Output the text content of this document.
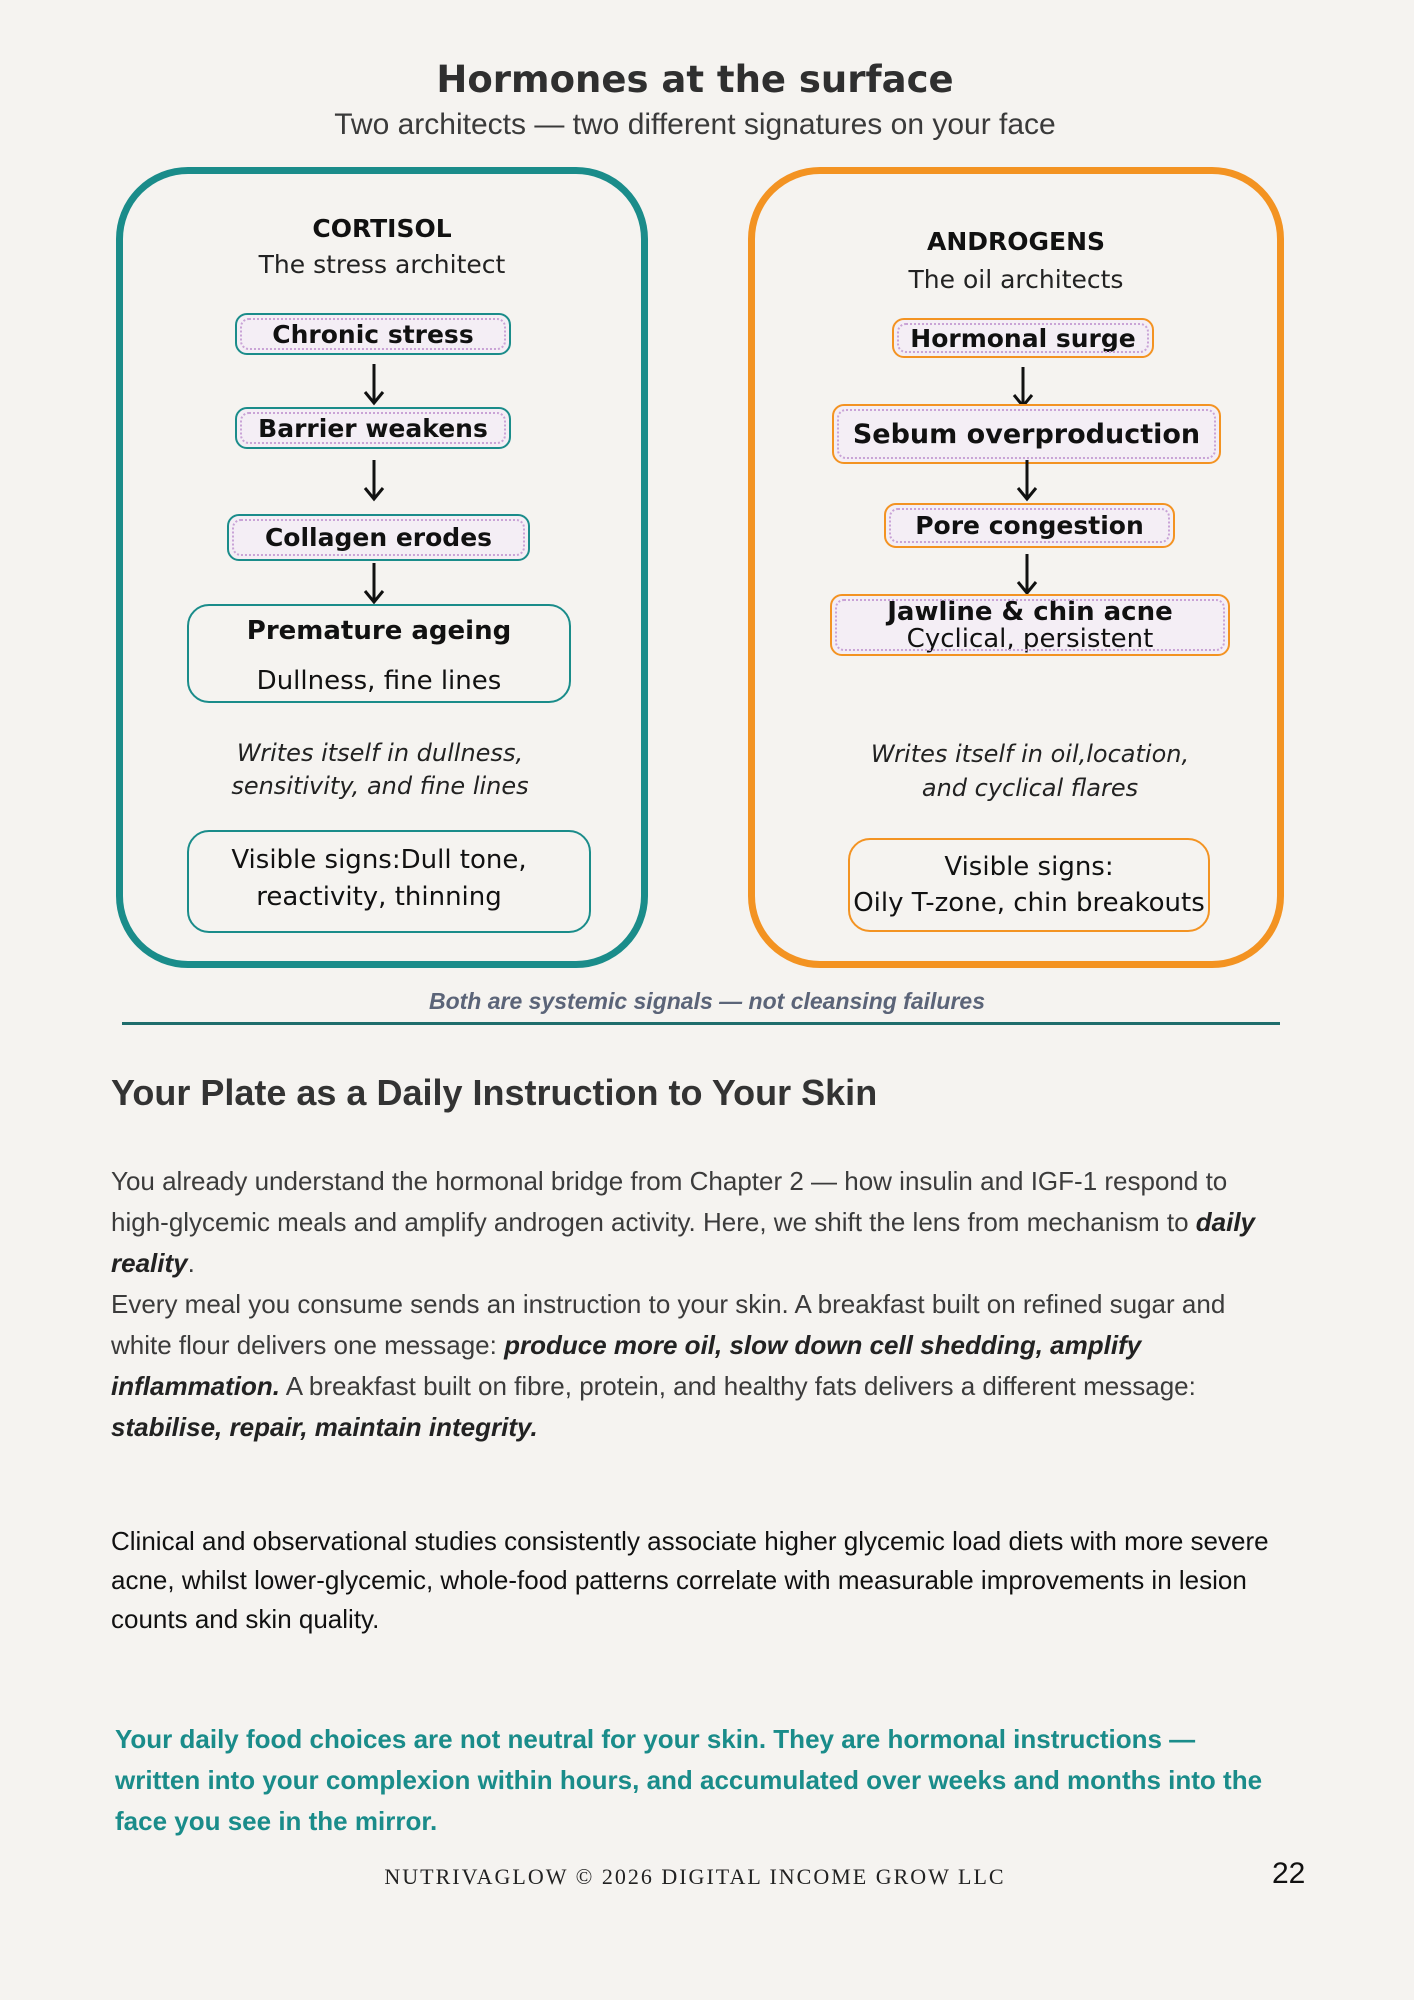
Hormones at the surface
Two architects — two different signatures on your face
CORTISOL
The stress architect
Chronic stress
Barrier weakens
Collagen erodes
Premature ageing
Dullness, fine lines
Writes itself in dullness,
sensitivity, and fine lines
Visible signs:Dull tone,
reactivity, thinning
ANDROGENS
The oil architects
Hormonal surge
Sebum overproduction
Pore congestion
Jawline & chin acne
Cyclical, persistent
Writes itself in oil,location,
and cyclical flares
Visible signs:
Oily T-zone, chin breakouts
Both are systemic signals — not cleansing failures
Your Plate as a Daily Instruction to Your Skin
You already understand the hormonal bridge from Chapter 2 — how insulin and IGF-1 respond to high-glycemic meals and amplify androgen activity. Here, we shift the lens from mechanism to daily reality.
Every meal you consume sends an instruction to your skin. A breakfast built on refined sugar and white flour delivers one message: produce more oil, slow down cell shedding, amplify inflammation. A breakfast built on fibre, protein, and healthy fats delivers a different message: stabilise, repair, maintain integrity.
Clinical and observational studies consistently associate higher glycemic load diets with more severe acne, whilst lower-glycemic, whole-food patterns correlate with measurable improvements in lesion counts and skin quality.
Your daily food choices are not neutral for your skin. They are hormonal instructions — written into your complexion within hours, and accumulated over weeks and months into the face you see in the mirror.
NUTRIVAGLOW © 2026 DIGITAL INCOME GROW LLC	22
